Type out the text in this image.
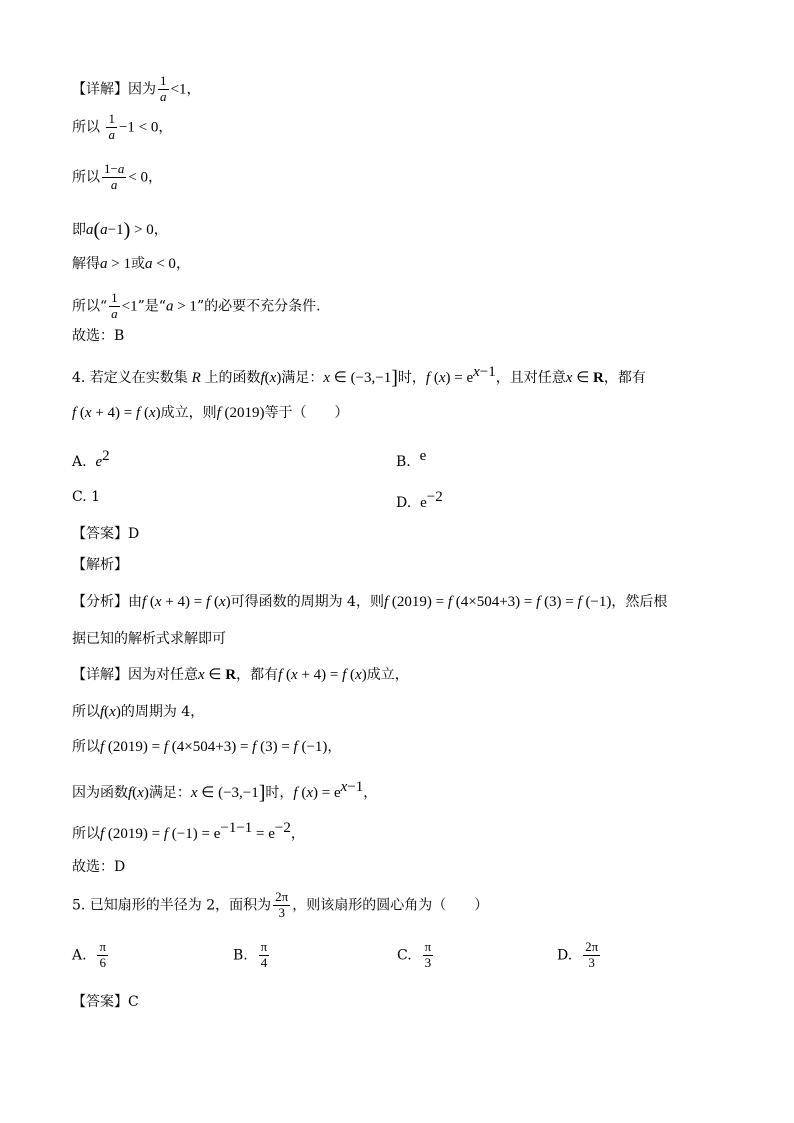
【详解】因为 $\frac{1}{a} <1$，
所以 $\frac{1}{a} -1 < 0$，
所以 $\frac{1-a}{a} < 0$，
即a(a−1) > 0，
解得a > 1或a < 0，
所以“ $\frac{1}{a} <1$”是“a > 1”的必要不充分条件.
故选：B
4. 若定义在实数集 R 上的函数f(x)满足：x ∈ (−3,−1]时，f $(x) = e^{x-1}$，且对任意x ∈ R，都有
f (x + 4) = f (x)成立，则f (2019)等于（　　）
A. $e^2$	B. $^e$
C. 1	D. $e^{-2}$
【答案】D
【解析】
【分析】由f (x + 4) = f (x)可得函数的周期为 4，则f (2019) = f (4×504+3) = f (3) = f (−1)，然后根
据已知的解析式求解即可
【详解】因为对任意x ∈ R，都有f (x + 4) = f (x)成立，
所以f(x)的周期为 4，
所以f (2019) = f (4×504+3) = f (3) = f (−1)，
因为函数f(x)满足：x ∈ (−3,−1]时，f $(x) = e^{x-1}$，
所以f (2019) = f $(-1) = e^{-1-1} = e^{-2}$，
故选：D
5. 已知扇形的半径为 2，面积为 $\frac{2\pi}{3}$ ，则该扇形的圆心角为（　　）
A. $\frac{\pi}{6}$	B. $\frac{\pi}{4}$	C. $\frac{\pi}{3}$	D. $\frac{2\pi}{3}$
【答案】C
